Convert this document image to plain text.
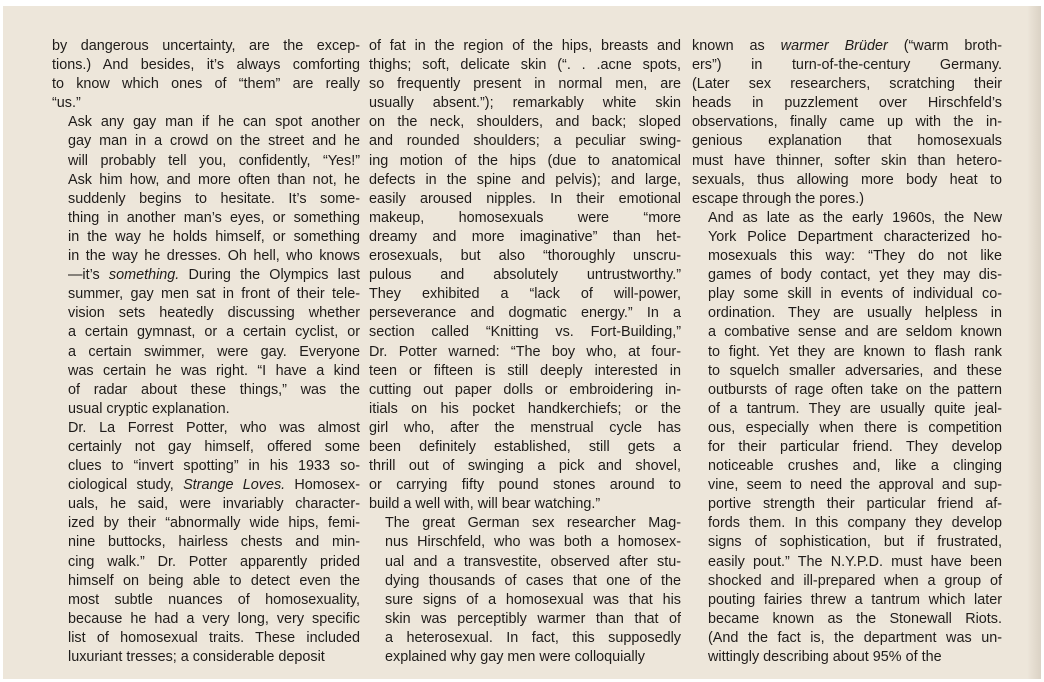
by dangerous uncertainty, are the excep-
tions.) And besides, it’s always comforting
to know which ones of “them” are really
“us.”

Ask any gay man if he can spot another
gay man in a crowd on the street and he
will probably tell you, confidently, “Yes!”
Ask him how, and more often than not, he
suddenly begins to hesitate. It’s some-
thing in another man’s eyes, or something
in the way he holds himself, or something
in the way he dresses. Oh hell, who knows
—it’s something. During the Olympics last
summer, gay men sat in front of their tele-
vision sets heatedly discussing whether
a certain gymnast, or a certain cyclist, or
a certain swimmer, were gay. Everyone
was certain he was right. “I have a kind
of radar about these things,” was the
usual cryptic explanation.

Dr. La Forrest Potter, who was almost
certainly not gay himself, offered some
clues to “invert spotting” in his 1933 so-
ciological study, Strange Loves. Homosex-
uals, he said, were invariably character-
ized by their “abnormally wide hips, femi-
nine buttocks, hairless chests and min-
cing walk.” Dr. Potter apparently prided
himself on being able to detect even the
most subtle nuances of homosexuality,
because he had a very long, very specific
list of homosexual traits. These included
luxuriant tresses; a considerable deposit

of fat in the region of the hips, breasts and
thighs; soft, delicate skin (“. . .acne spots,
so frequently present in normal men, are
usually absent.”); remarkably white skin
on the neck, shoulders, and back; sloped
and rounded shoulders; a peculiar swing-
ing motion of the hips (due to anatomical
defects in the spine and pelvis); and large,
easily aroused nipples. In their emotional
makeup, homosexuals were “more
dreamy and more imaginative” than het-
erosexuals, but also “thoroughly unscru-
pulous and absolutely untrustworthy.”
They exhibited a “lack of will-power,
perseverance and dogmatic energy.” In a
section called “Knitting vs. Fort-Building,”
Dr. Potter warned: “The boy who, at four-
teen or fifteen is still deeply interested in
cutting out paper dolls or embroidering in-
itials on his pocket handkerchiefs; or the
girl who, after the menstrual cycle has
been definitely established, still gets a
thrill out of swinging a pick and shovel,
or carrying fifty pound stones around to
build a well with, will bear watching.”

The great German sex researcher Mag-
nus Hirschfeld, who was both a homosex-
ual and a transvestite, observed after stu-
dying thousands of cases that one of the
sure signs of a homosexual was that his
skin was perceptibly warmer than that of
a heterosexual. In fact, this supposedly
explained why gay men were colloquially

known as warmer Brüder (“warm broth-
ers”) in turn-of-the-century Germany.
(Later sex researchers, scratching their
heads in puzzlement over Hirschfeld’s
observations, finally came up with the in-
genious explanation that homosexuals
must have thinner, softer skin than hetero-
sexuals, thus allowing more body heat to
escape through the pores.)

And as late as the early 1960s, the New
York Police Department characterized ho-
mosexuals this way: “They do not like
games of body contact, yet they may dis-
play some skill in events of individual co-
ordination. They are usually helpless in
a combative sense and are seldom known
to fight. Yet they are known to flash rank
to squelch smaller adversaries, and these
outbursts of rage often take on the pattern
of a tantrum. They are usually quite jeal-
ous, especially when there is competition
for their particular friend. They develop
noticeable crushes and, like a clinging
vine, seem to need the approval and sup-
portive strength their particular friend af-
fords them. In this company they develop
signs of sophistication, but if frustrated,
easily pout.” The N.Y.P.D. must have been
shocked and ill-prepared when a group of
pouting fairies threw a tantrum which later
became known as the Stonewall Riots.
(And the fact is, the department was un-
wittingly describing about 95% of the
